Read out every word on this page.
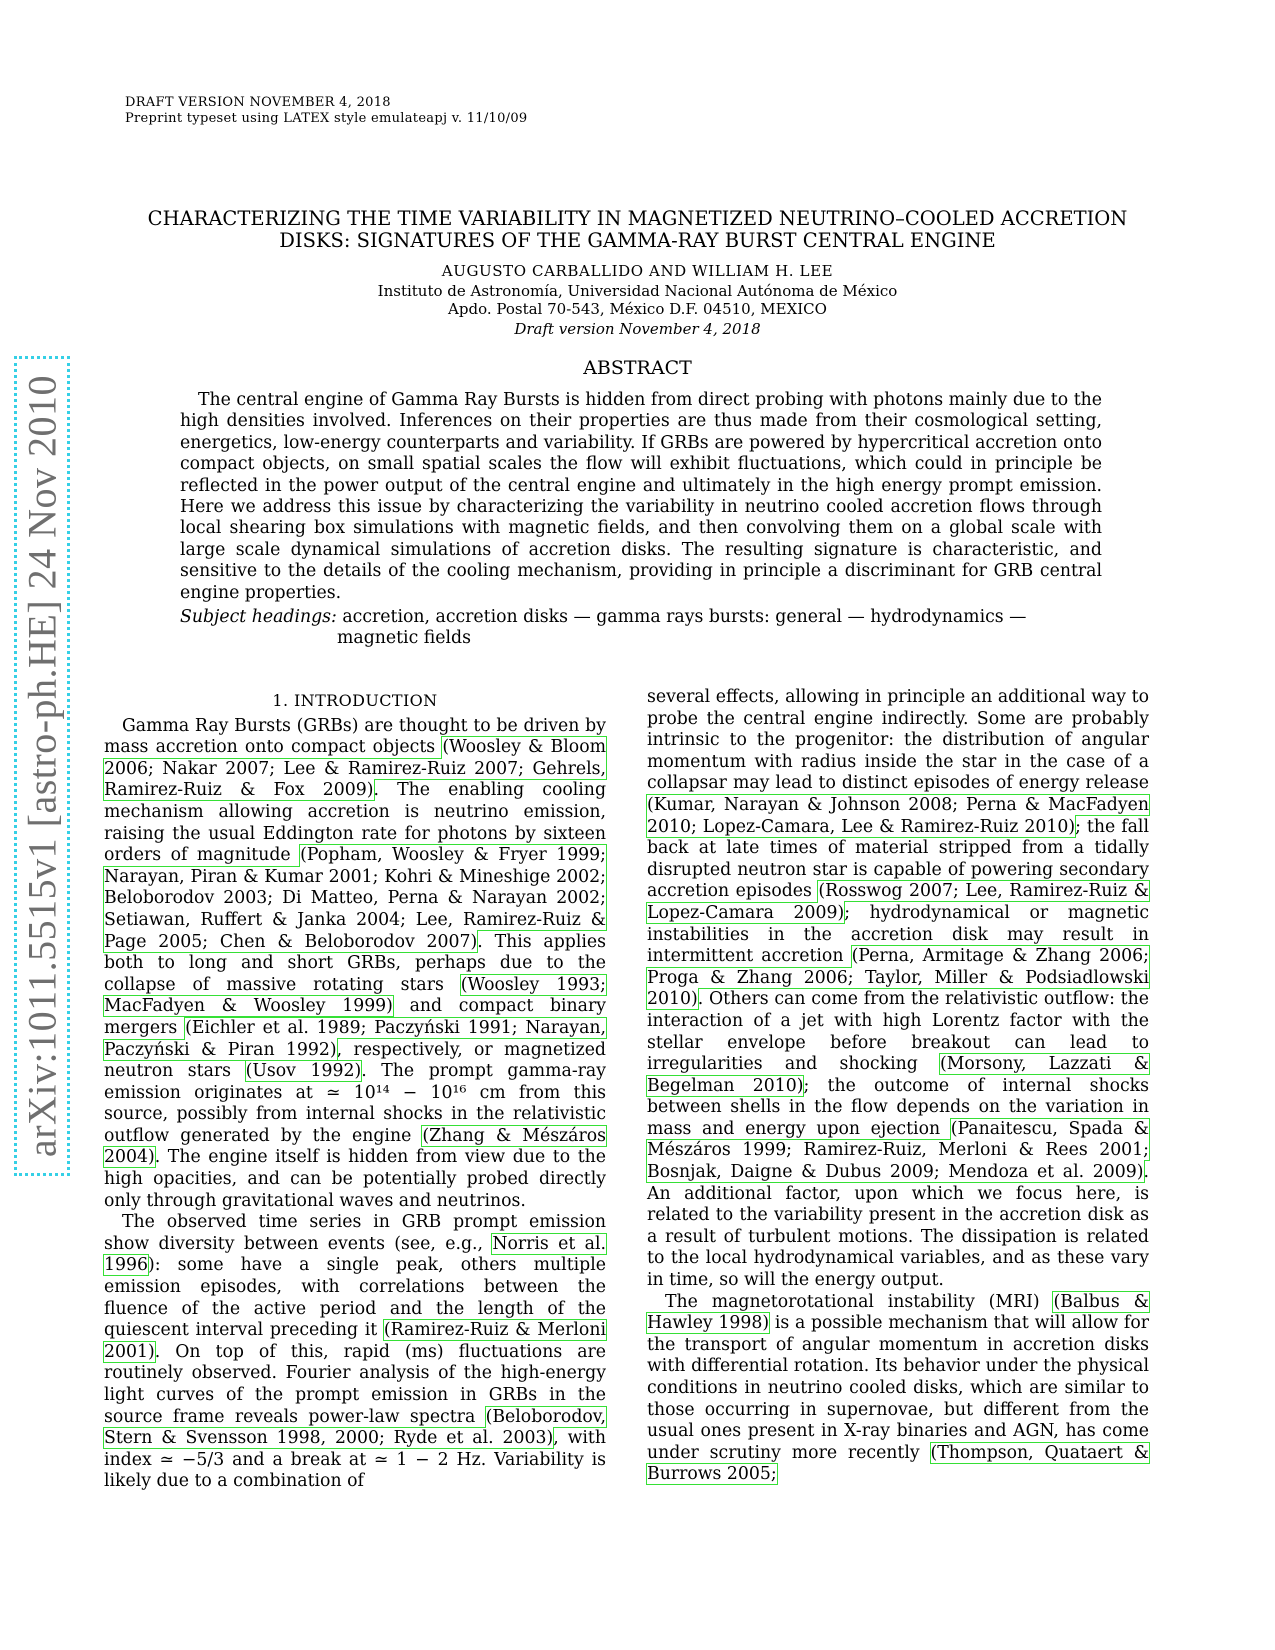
DRAFT VERSION NOVEMBER 4, 2018
Preprint typeset using LATEX style emulateapj v. 11/10/09
arXiv:1011.5515v1 [astro-ph.HE] 24 Nov 2010
CHARACTERIZING THE TIME VARIABILITY IN MAGNETIZED NEUTRINO–COOLED ACCRETION
DISKS: SIGNATURES OF THE GAMMA-RAY BURST CENTRAL ENGINE
AUGUSTO CARBALLIDO AND WILLIAM H. LEE
Instituto de Astronomía, Universidad Nacional Autónoma de México
Apdo. Postal 70-543, México D.F. 04510, MEXICO
Draft version November 4, 2018
ABSTRACT

The central engine of Gamma Ray Bursts is hidden from direct probing with photons mainly due to the high densities involved. Inferences on their properties are thus made from their cosmological setting, energetics, low-energy counterparts and variability. If GRBs are powered by hypercritical accretion onto compact objects, on small spatial scales the flow will exhibit fluctuations, which could in principle be reflected in the power output of the central engine and ultimately in the high energy prompt emission. Here we address this issue by characterizing the variability in neutrino cooled accretion flows through local shearing box simulations with magnetic fields, and then convolving them on a global scale with large scale dynamical simulations of accretion disks. The resulting signature is characteristic, and sensitive to the details of the cooling mechanism, providing in principle a discriminant for GRB central engine properties.

Subject headings: accretion, accretion disks — gamma rays bursts: general — hydrodynamics —
magnetic fields

1. INTRODUCTION

Gamma Ray Bursts (GRBs) are thought to be driven by mass accretion onto compact objects (Woosley & Bloom 2006; Nakar 2007; Lee & Ramirez-Ruiz 2007; Gehrels, Ramirez-Ruiz & Fox 2009). The enabling cooling mechanism allowing accretion is neutrino emission, raising the usual Eddington rate for photons by sixteen orders of magnitude (Popham, Woosley & Fryer 1999; Narayan, Piran & Kumar 2001; Kohri & Mineshige 2002; Beloborodov 2003; Di Matteo, Perna & Narayan 2002; Setiawan, Ruffert & Janka 2004; Lee, Ramirez-Ruiz & Page 2005; Chen & Beloborodov 2007). This applies both to long and short GRBs, perhaps due to the collapse of massive rotating stars (Woosley 1993; MacFadyen & Woosley 1999) and compact binary mergers (Eichler et al. 1989; Paczyński 1991; Narayan, Paczyński & Piran 1992), respectively, or magnetized neutron stars (Usov 1992). The prompt gamma-ray emission originates at ≃ 10¹⁴ − 10¹⁶ cm from this source, possibly from internal shocks in the relativistic outflow generated by the engine (Zhang & Mészáros 2004). The engine itself is hidden from view due to the high opacities, and can be potentially probed directly only through gravitational waves and neutrinos.

The observed time series in GRB prompt emission show diversity between events (see, e.g., Norris et al. 1996): some have a single peak, others multiple emission episodes, with correlations between the fluence of the active period and the length of the quiescent interval preceding it (Ramirez-Ruiz & Merloni 2001). On top of this, rapid (ms) fluctuations are routinely observed. Fourier analysis of the high-energy light curves of the prompt emission in GRBs in the source frame reveals power-law spectra (Beloborodov, Stern & Svensson 1998, 2000; Ryde et al. 2003), with index ≃ −5/3 and a break at ≃ 1 − 2 Hz. Variability is likely due to a combination of

several effects, allowing in principle an additional way to probe the central engine indirectly. Some are probably intrinsic to the progenitor: the distribution of angular momentum with radius inside the star in the case of a collapsar may lead to distinct episodes of energy release (Kumar, Narayan & Johnson 2008; Perna & MacFadyen 2010; Lopez-Camara, Lee & Ramirez-Ruiz 2010); the fall back at late times of material stripped from a tidally disrupted neutron star is capable of powering secondary accretion episodes (Rosswog 2007; Lee, Ramirez-Ruiz & Lopez-Camara 2009); hydrodynamical or magnetic instabilities in the accretion disk may result in intermittent accretion (Perna, Armitage & Zhang 2006; Proga & Zhang 2006; Taylor, Miller & Podsiadlowski 2010). Others can come from the relativistic outflow: the interaction of a jet with high Lorentz factor with the stellar envelope before breakout can lead to irregularities and shocking (Morsony, Lazzati & Begelman 2010); the outcome of internal shocks between shells in the flow depends on the variation in mass and energy upon ejection (Panaitescu, Spada & Mészáros 1999; Ramirez-Ruiz, Merloni & Rees 2001; Bosnjak, Daigne & Dubus 2009; Mendoza et al. 2009). An additional factor, upon which we focus here, is related to the variability present in the accretion disk as a result of turbulent motions. The dissipation is related to the local hydrodynamical variables, and as these vary in time, so will the energy output.

The magnetorotational instability (MRI) (Balbus & Hawley 1998) is a possible mechanism that will allow for the transport of angular momentum in accretion disks with differential rotation. Its behavior under the physical conditions in neutrino cooled disks, which are similar to those occurring in supernovae, but different from the usual ones present in X-ray binaries and AGN, has come under scrutiny more recently (Thompson, Quataert & Burrows 2005;
